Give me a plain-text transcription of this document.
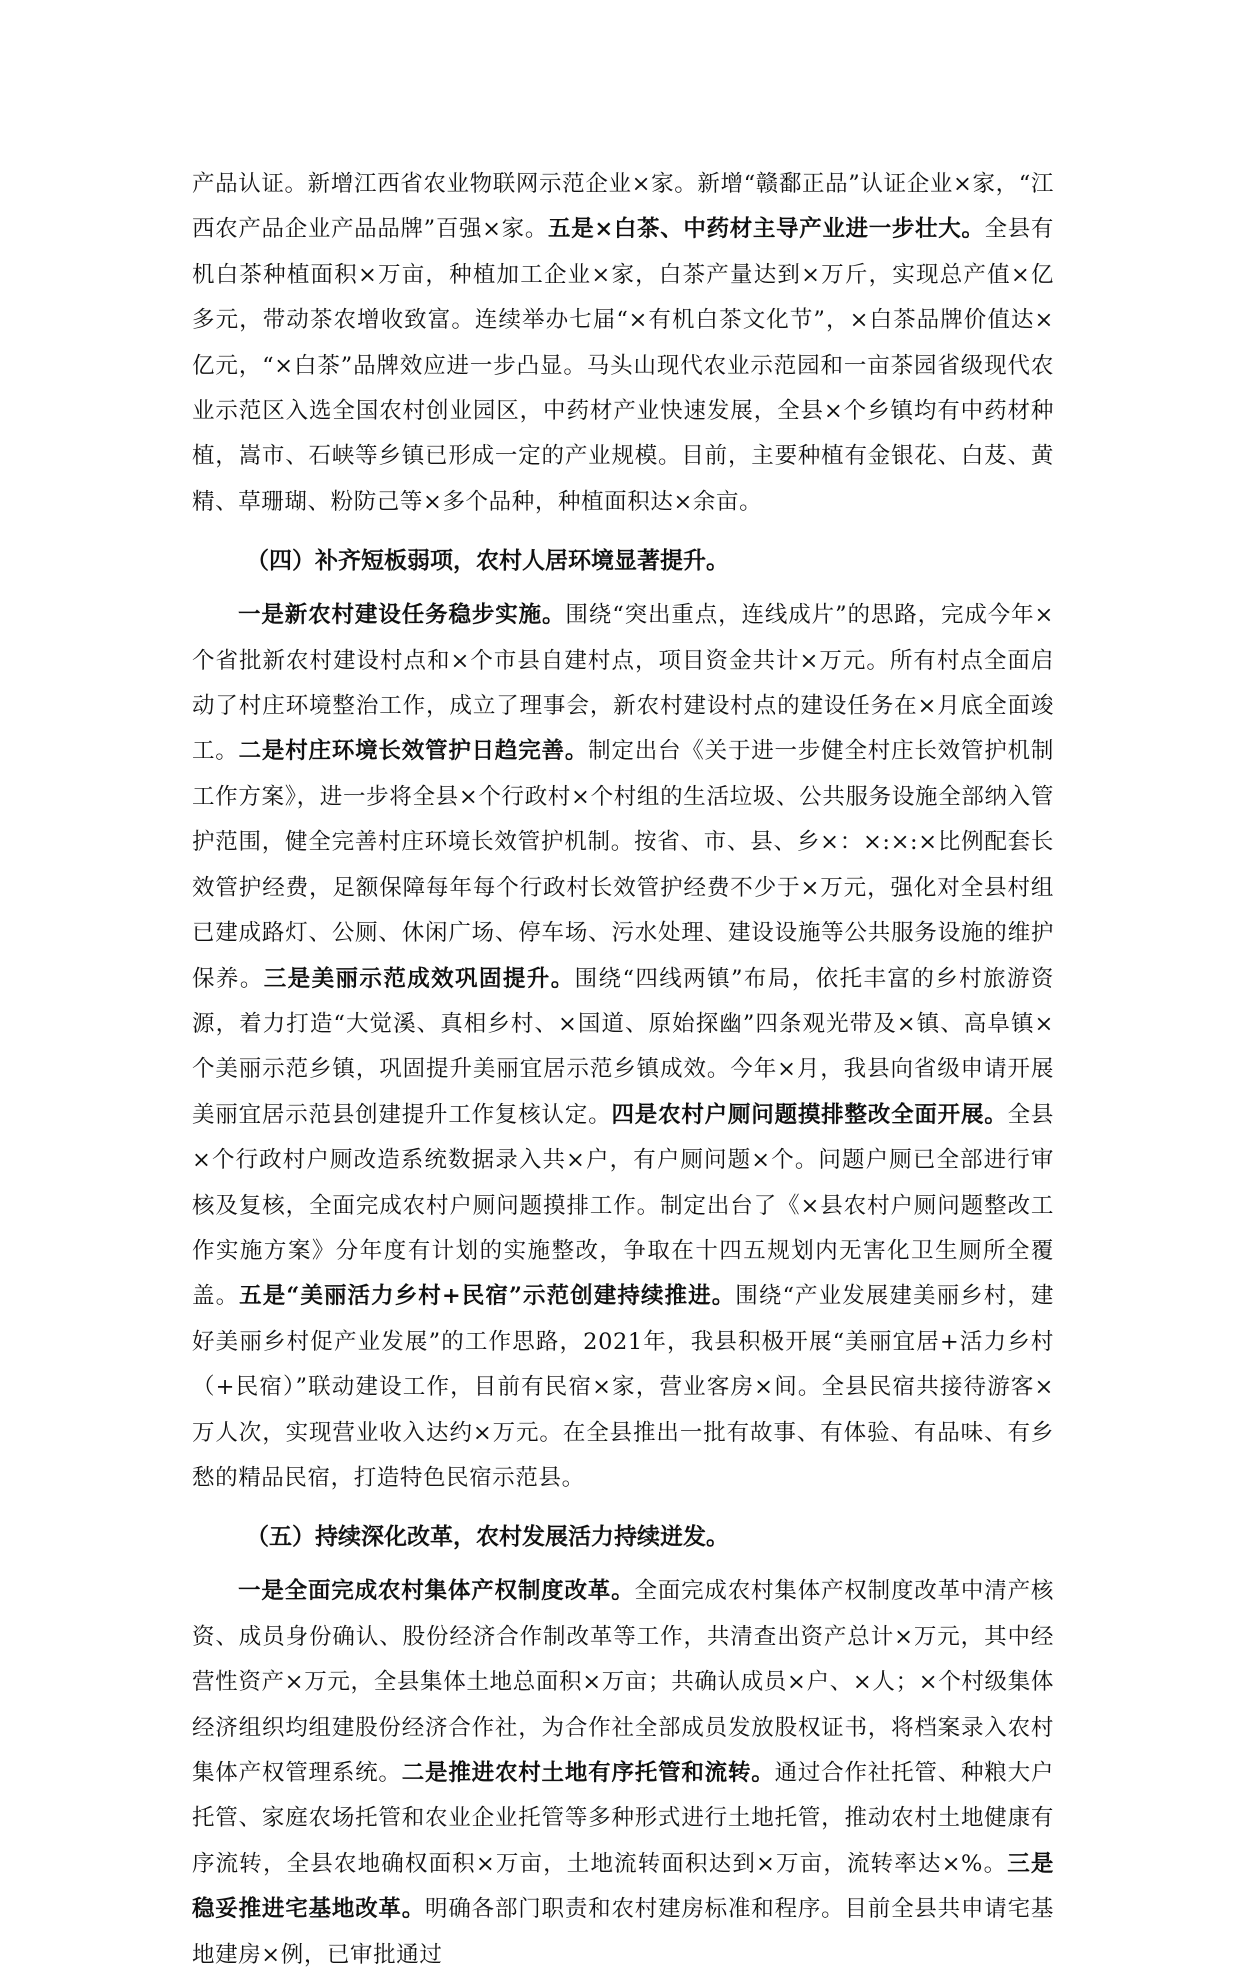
产品认证。新增江西省农业物联网示范企业×家。新增“赣鄱正品”认证企业×家，“江西农产品企业产品品牌”百强×家。五是×白茶、中药材主导产业进一步壮大。全县有机白茶种植面积×万亩，种植加工企业×家，白茶产量达到×万斤，实现总产值×亿多元，带动茶农增收致富。连续举办七届“×有机白茶文化节”，×白茶品牌价值达×亿元，“×白茶”品牌效应进一步凸显。马头山现代农业示范园和一亩茶园省级现代农业示范区入选全国农村创业园区，中药材产业快速发展，全县×个乡镇均有中药材种植，嵩市、石峡等乡镇已形成一定的产业规模。目前，主要种植有金银花、白芨、黄精、草珊瑚、粉防己等×多个品种，种植面积达×余亩。

（四）补齐短板弱项，农村人居环境显著提升。

一是新农村建设任务稳步实施。围绕“突出重点，连线成片”的思路，完成今年×个省批新农村建设村点和×个市县自建村点，项目资金共计×万元。所有村点全面启动了村庄环境整治工作，成立了理事会，新农村建设村点的建设任务在×月底全面竣工。二是村庄环境长效管护日趋完善。制定出台《关于进一步健全村庄长效管护机制工作方案》，进一步将全县×个行政村×个村组的生活垃圾、公共服务设施全部纳入管护范围，健全完善村庄环境长效管护机制。按省、市、县、乡×：×:×:×比例配套长效管护经费，足额保障每年每个行政村长效管护经费不少于×万元，强化对全县村组已建成路灯、公厕、休闲广场、停车场、污水处理、建设设施等公共服务设施的维护保养。三是美丽示范成效巩固提升。围绕“四线两镇”布局，依托丰富的乡村旅游资源，着力打造“大觉溪、真相乡村、×国道、原始探幽”四条观光带及×镇、高阜镇×个美丽示范乡镇，巩固提升美丽宜居示范乡镇成效。今年×月，我县向省级申请开展美丽宜居示范县创建提升工作复核认定。四是农村户厕问题摸排整改全面开展。全县×个行政村户厕改造系统数据录入共×户，有户厕问题×个。问题户厕已全部进行审核及复核，全面完成农村户厕问题摸排工作。制定出台了《×县农村户厕问题整改工作实施方案》分年度有计划的实施整改，争取在十四五规划内无害化卫生厕所全覆盖。五是“美丽活力乡村+民宿”示范创建持续推进。围绕“产业发展建美丽乡村，建好美丽乡村促产业发展”的工作思路，2021年，我县积极开展“美丽宜居+活力乡村（+民宿）”联动建设工作，目前有民宿×家，营业客房×间。全县民宿共接待游客×万人次，实现营业收入达约×万元。在全县推出一批有故事、有体验、有品味、有乡愁的精品民宿，打造特色民宿示范县。

（五）持续深化改革，农村发展活力持续迸发。

一是全面完成农村集体产权制度改革。全面完成农村集体产权制度改革中清产核资、成员身份确认、股份经济合作制改革等工作，共清查出资产总计×万元，其中经营性资产×万元，全县集体土地总面积×万亩；共确认成员×户、×人；×个村级集体经济组织均组建股份经济合作社，为合作社全部成员发放股权证书，将档案录入农村集体产权管理系统。二是推进农村土地有序托管和流转。通过合作社托管、种粮大户托管、家庭农场托管和农业企业托管等多种形式进行土地托管，推动农村土地健康有序流转，全县农地确权面积×万亩，土地流转面积达到×万亩，流转率达×%。三是稳妥推进宅基地改革。明确各部门职责和农村建房标准和程序。目前全县共申请宅基地建房×例，已审批通过
